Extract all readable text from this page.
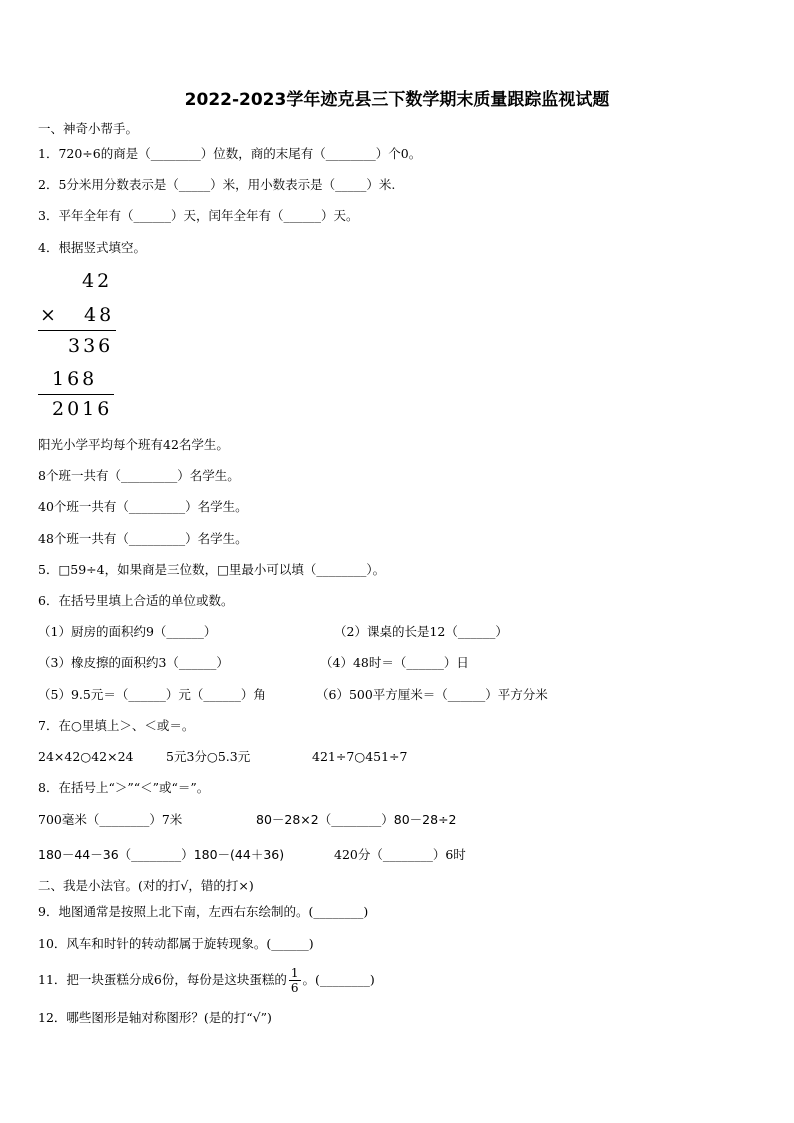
2022-2023学年迹克县三下数学期末质量跟踪监视试题
一、神奇小帮手。
1．720÷6的商是（________）位数，商的末尾有（________）个0。
2．5分米用分数表示是（_____）米，用小数表示是（_____）米.
3．平年全年有（______）天，闰年全年有（______）天。
4．根据竖式填空。
42
× 48
336
168
2016
阳光小学平均每个班有42名学生。
8个班一共有（_________）名学生。
40个班一共有（_________）名学生。
48个班一共有（_________）名学生。
5．□59÷4，如果商是三位数，□里最小可以填（________）。
6．在括号里填上合适的单位或数。
（1）厨房的面积约9（______）	（2）课桌的长是12（______）
（3）橡皮擦的面积约3（______）	（4）48时＝（______）日
（5）9.5元＝（______）元（______）角	（6）500平方厘米＝（______）平方分米
7．在○里填上＞、＜或＝。
24×42○42×24	5元3分○5.3元	421÷7○451÷7
8．在括号上“＞”“＜”或“＝”。
700毫米（________）7米	80－28×2（________）80－28÷2
180－44－36（________）180－(44＋36)	420分（________）6时
二、我是小法官。(对的打√，错的打×)
9．地图通常是按照上北下南，左西右东绘制的。(________)
10．风车和时针的转动都属于旋转现象。(______)
11．把一块蛋糕分成6份，每份是这块蛋糕的 $\frac{1}{6}$ 。(________)
12．哪些图形是轴对称图形？(是的打“√”)
